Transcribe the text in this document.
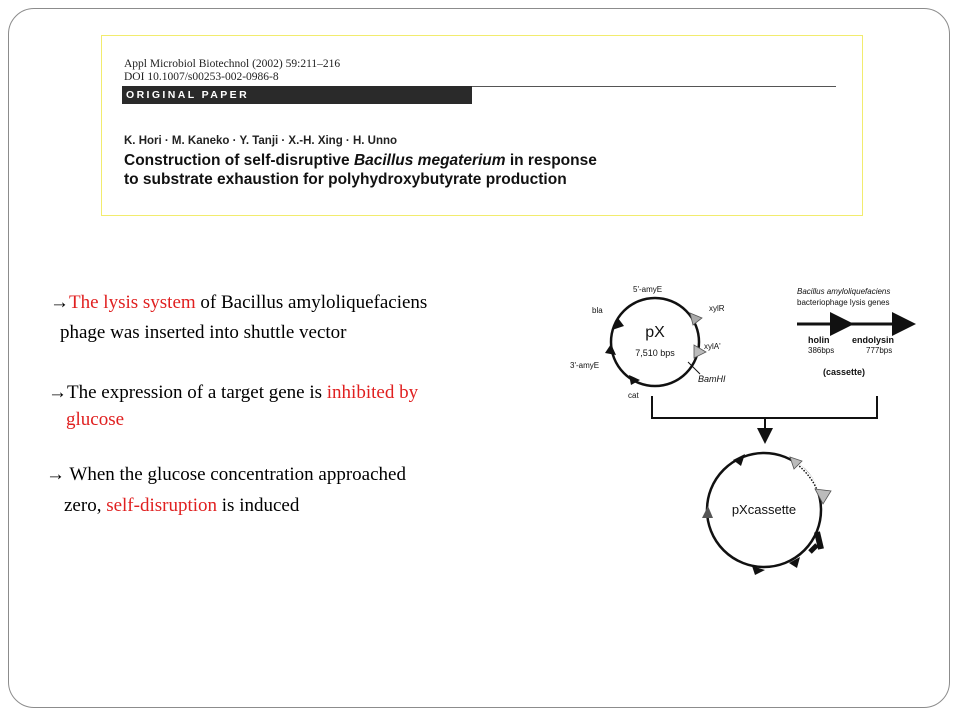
Appl Microbiol Biotechnol (2002) 59:211–216
DOI 10.1007/s00253-002-0986-8
ORIGINAL PAPER
K. Hori · M. Kaneko · Y. Tanji · X.-H. Xing · H. Unno
Construction of self-disruptive Bacillus megaterium in response
to substrate exhaustion for polyhydroxybutyrate production
→The lysis system of Bacillus amyloliquefaciens
phage was inserted into shuttle vector
→The expression of a target gene is inhibited by
glucose
→ When the glucose concentration approached
zero, self-disruption is induced
pX
7,510 bps
5'-amyE
xylR
bla
xylA'
3'-amyE
BamHI
cat
Bacillus amyloliquefaciens
bacteriophage lysis genes
holin
386bps
endolysin
777bps
(cassette)
pXcassette
